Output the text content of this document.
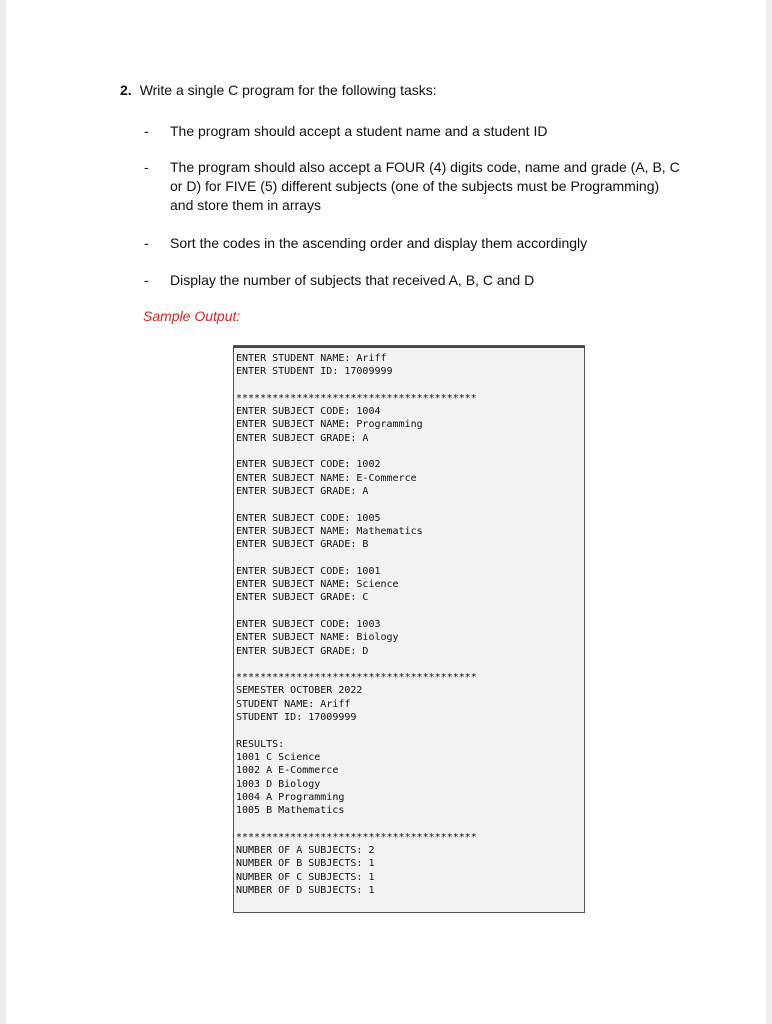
2. Write a single C program for the following tasks:
- The program should accept a student name and a student ID
- The program should also accept a FOUR (4) digits code, name and grade (A, B, C or D) for FIVE (5) different subjects (one of the subjects must be Programming) and store them in arrays
- Sort the codes in the ascending order and display them accordingly
- Display the number of subjects that received A, B, C and D
Sample Output:
ENTER STUDENT NAME: Ariff
ENTER STUDENT ID: 17009999

****************************************
ENTER SUBJECT CODE: 1004
ENTER SUBJECT NAME: Programming
ENTER SUBJECT GRADE: A

ENTER SUBJECT CODE: 1002
ENTER SUBJECT NAME: E-Commerce
ENTER SUBJECT GRADE: A

ENTER SUBJECT CODE: 1005
ENTER SUBJECT NAME: Mathematics
ENTER SUBJECT GRADE: B

ENTER SUBJECT CODE: 1001
ENTER SUBJECT NAME: Science
ENTER SUBJECT GRADE: C

ENTER SUBJECT CODE: 1003
ENTER SUBJECT NAME: Biology
ENTER SUBJECT GRADE: D

****************************************
SEMESTER OCTOBER 2022
STUDENT NAME: Ariff
STUDENT ID: 17009999

RESULTS:
1001 C Science
1002 A E-Commerce
1003 D Biology
1004 A Programming
1005 B Mathematics

****************************************
NUMBER OF A SUBJECTS: 2
NUMBER OF B SUBJECTS: 1
NUMBER OF C SUBJECTS: 1
NUMBER OF D SUBJECTS: 1
